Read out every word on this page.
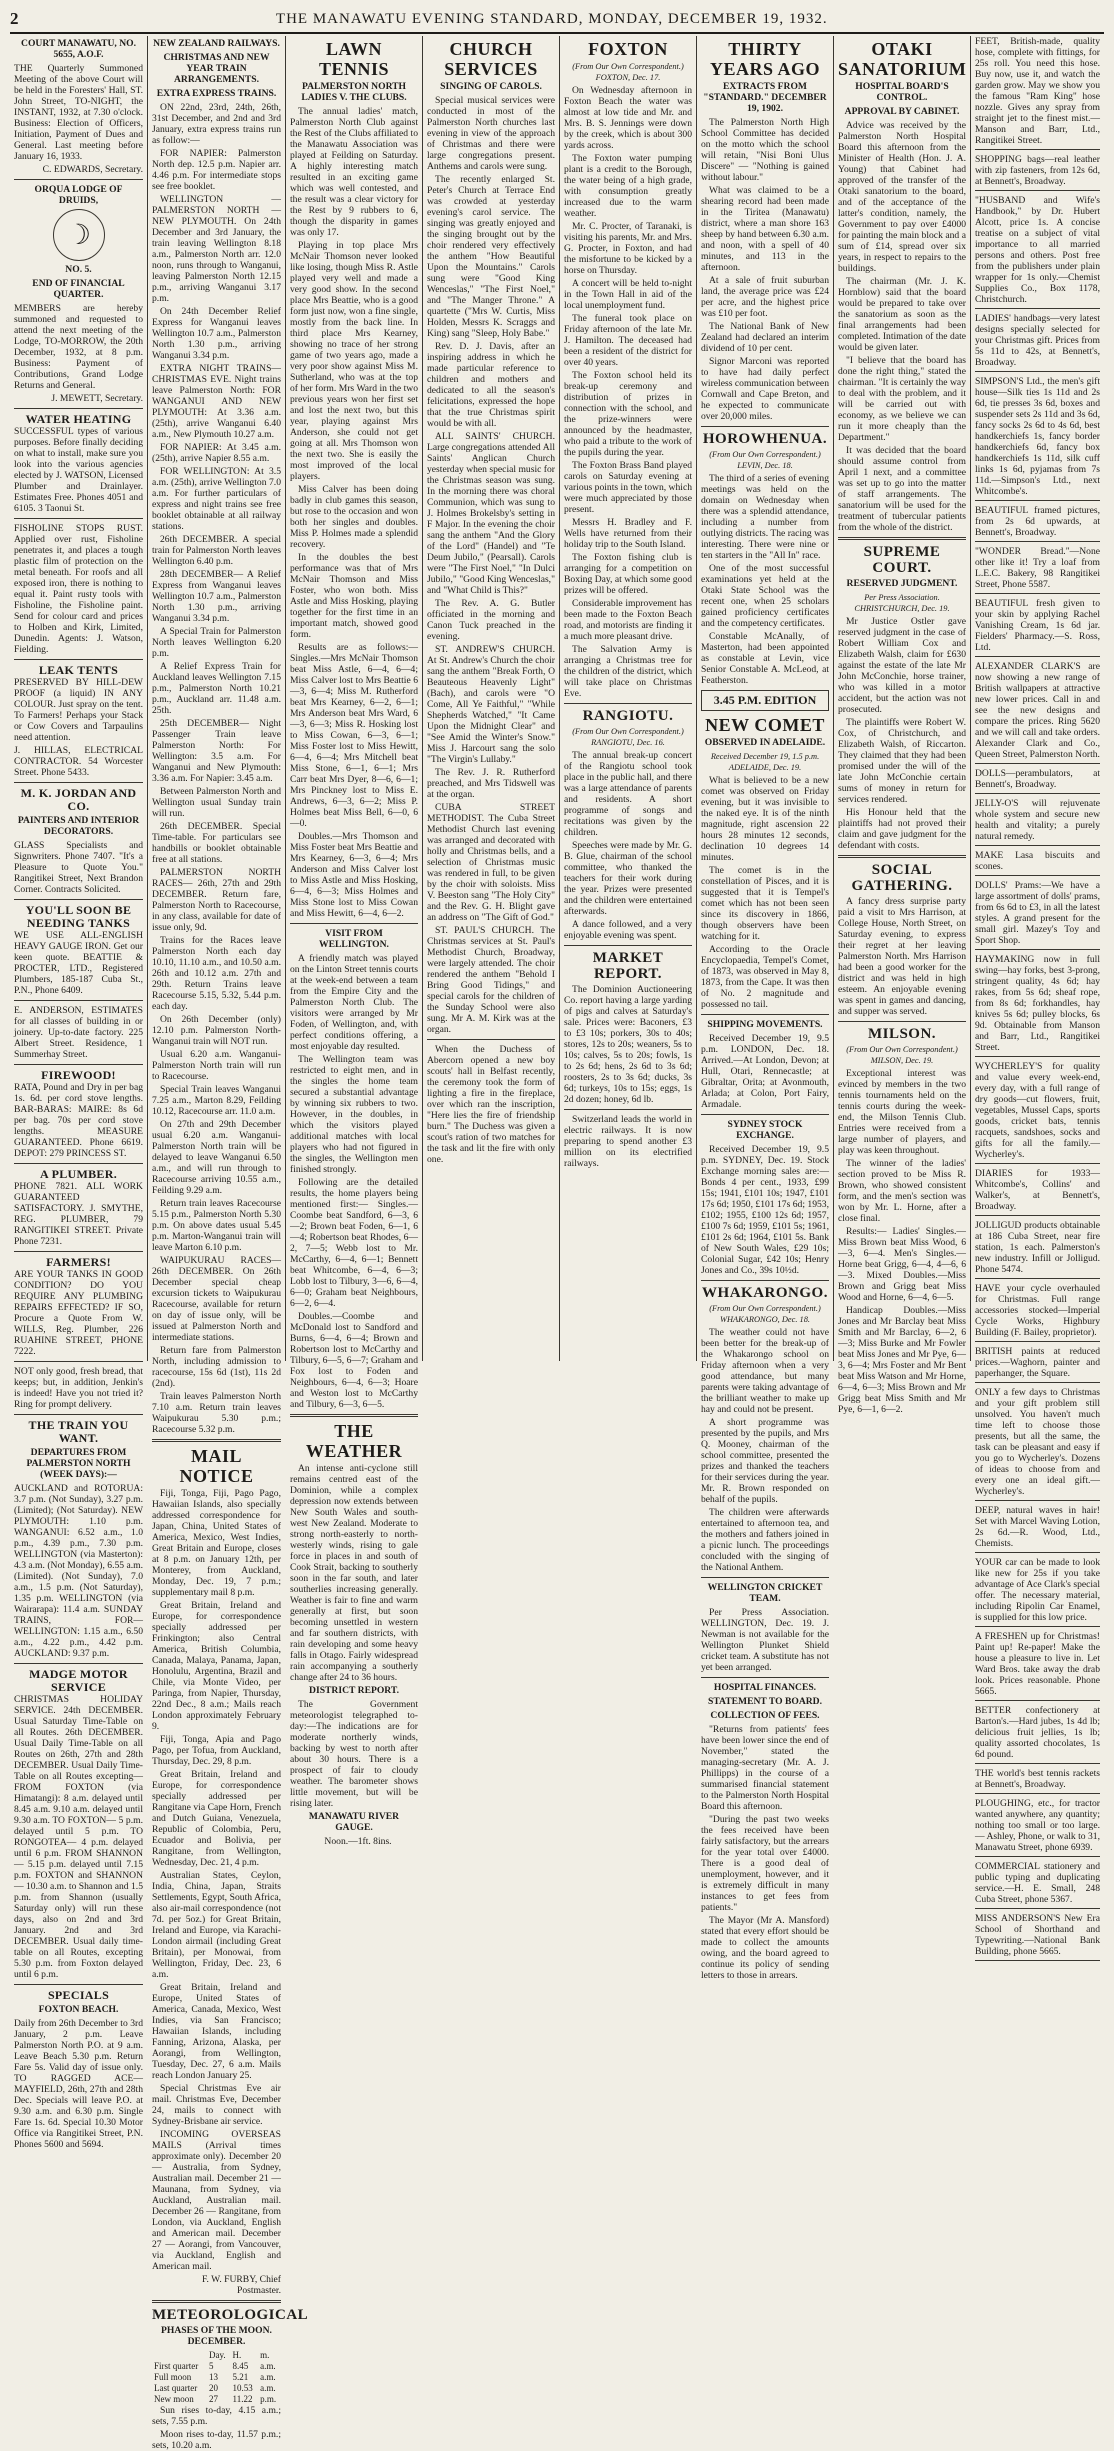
2	THE MANAWATU EVENING STANDARD, MONDAY, DECEMBER 19, 1932.
COURT MANAWATU, NO. 5655, A.O.F.

THE Quarterly Summoned Meeting of the above Court will be held in the Foresters' Hall, ST. John Street, TO-NIGHT, the INSTANT, 1932, at 7.30 o'clock. Business: Election of Officers, Initiation, Payment of Dues and General. Last meeting before January 16, 1933.

C. EDWARDS, Secretary.

ORQUA LODGE OF DRUIDS,
☽
NO. 5.
END OF FINANCIAL QUARTER.

MEMBERS are hereby summoned and requested to attend the next meeting of the Lodge, TO-MORROW, the 20th December, 1932, at 8 p.m. Business: Payment of Contributions, Grand Lodge Returns and General.

J. MEWETT, Secretary.

WATER HEATING

SUCCESSFUL types of various purposes. Before finally deciding on what to install, make sure you look into the various agencies elected by J. WATSON, Licensed Plumber and Drainlayer. Estimates Free. Phones 4051 and 6105. 3 Taonui St.

FISHOLINE STOPS RUST. Applied over rust, Fisholine penetrates it, and places a tough plastic film of protection on the metal beneath. For roofs and all exposed iron, there is nothing to equal it. Paint rusty tools with Fisholine, the Fisholine paint. Send for colour card and prices to Holben and Kirk, Limited, Dunedin. Agents: J. Watson, Fielding.

LEAK TENTS

PRESERVED BY HILL-DEW PROOF (a liquid) IN ANY COLOUR. Just spray on the tent. To Farmers! Perhaps your Stack or Cow Covers and Tarpaulins need attention.

J. HILLAS, ELECTRICAL CONTRACTOR. 54 Worcester Street. Phone 5433.

M. K. JORDAN AND CO.
PAINTERS AND INTERIOR DECORATORS.

GLASS Specialists and Signwriters. Phone 7407. "It's a Pleasure to Quote You." Rangitikei Street, Next Brandon Corner. Contracts Solicited.

YOU'LL SOON BE NEEDING TANKS

WE USE ALL-ENGLISH HEAVY GAUGE IRON. Get our keen quote. BEATTIE & PROCTER, LTD., Registered Plumbers, 185-187 Cuba St., P.N., Phone 6409.

E. ANDERSON, ESTIMATES for all classes of building in or joinery. Up-to-date factory. 225 Albert Street. Residence, 1 Summerhay Street.

FIREWOOD!

RATA, Pound and Dry in per bag 1s. 6d. per cord stove lengths. BAR-BARAS: MAIRE: 8s 6d per bag. 70s per cord stove lengths. MEASURE GUARANTEED. Phone 6619. DEPOT: 279 PRINCESS ST.

A PLUMBER.

PHONE 7821. ALL WORK GUARANTEED SATISFACTORY. J. SMYTHE, REG. PLUMBER, 79 RANGITIKEI STREET. Private Phone 7231.

FARMERS!

ARE YOUR TANKS IN GOOD CONDITION? DO YOU REQUIRE ANY PLUMBING REPAIRS EFFECTED? IF SO, Procure a Quote From W. WILLS, Reg. Plumber, 226 RUAHINE STREET, PHONE 7222.

NOT only good, fresh bread, that keeps; but, in addition, Jenkin's is indeed! Have you not tried it? Ring for prompt delivery.

THE TRAIN YOU WANT.
DEPARTURES FROM PALMERSTON NORTH (WEEK DAYS):—

AUCKLAND and ROTORUA: 3.7 p.m. (Not Sunday), 3.27 p.m. (Limited); (Not Saturday). NEW PLYMOUTH: 1.10 p.m. WANGANUI: 6.52 a.m., 1.0 p.m., 4.39 p.m., 7.30 p.m. WELLINGTON (via Masterton): 4.3 a.m. (Not Monday), 6.55 a.m. (Limited). (Not Sunday), 7.0 a.m., 1.5 p.m. (Not Saturday), 1.35 p.m. WELLINGTON (via Wairarapa): 11.4 a.m. SUNDAY TRAINS, FOR— WELLINGTON: 1.15 a.m., 6.50 a.m., 4.22 p.m., 4.42 p.m. AUCKLAND: 9.37 p.m.

MADGE MOTOR SERVICE

CHRISTMAS HOLIDAY SERVICE. 24th DECEMBER. Usual Saturday Time-Table on all Routes. 26th DECEMBER. Usual Daily Time-Table on all Routes on 26th, 27th and 28th DECEMBER. Usual Daily Time-Table on all Routes excepting— FROM FOXTON (via Himatangi): 8 a.m. delayed until 8.45 a.m. 9.10 a.m. delayed until 9.30 a.m. TO FOXTON— 5 p.m. delayed until 5 p.m. TO RONGOTEA— 4 p.m. delayed until 6 p.m. FROM SHANNON— 5.15 p.m. delayed until 7.15 p.m. FOXTON and SHANNON— 10.30 a.m. to Shannon and 1.5 p.m. from Shannon (usually Saturday only) will run these days, also on 2nd and 3rd January. 2nd and 3rd DECEMBER. Usual daily time-table on all Routes, excepting 5.30 p.m. from Foxton delayed until 6 p.m.

SPECIALS
FOXTON BEACH.

Daily from 26th December to 3rd January, 2 p.m. Leave Palmerston North P.O. at 9 a.m. Leave Beach 5.30 p.m. Return Fare 5s. Valid day of issue only. TO RAGGED ACE—MAYFIELD, 26th, 27th and 28th Dec. Specials will leave P.O. at 9.30 a.m. and 6.30 p.m. Single Fare 1s. 6d. Special 10.30 Motor Office via Rangitikei Street, P.N. Phones 5600 and 5694.

NEW ZEALAND RAILWAYS.
CHRISTMAS AND NEW YEAR TRAIN ARRANGEMENTS.
EXTRA EXPRESS TRAINS.

ON 22nd, 23rd, 24th, 26th, 31st December, and 2nd and 3rd January, extra express trains run as follow:—

FOR NAPIER: Palmerston North dep. 12.5 p.m. Napier arr. 4.46 p.m. For intermediate stops see free booklet.

WELLINGTON — PALMERSTON NORTH — NEW PLYMOUTH. On 24th December and 3rd January, the train leaving Wellington 8.18 a.m., Palmerston North arr. 12.0 noon, runs through to Wanganui, leaving Palmerston North 12.15 p.m., arriving Wanganui 3.17 p.m.

On 24th December Relief Express for Wanganui leaves Wellington 10.7 a.m., Palmerston North 1.30 p.m., arriving Wanganui 3.34 p.m.

EXTRA NIGHT TRAINS— CHRISTMAS EVE. Night trains leave Palmerston North: FOR WANGANUI AND NEW PLYMOUTH: At 3.36 a.m. (25th), arrive Wanganui 6.40 a.m., New Plymouth 10.27 a.m.

FOR NAPIER: At 3.45 a.m. (25th), arrive Napier 8.55 a.m.

FOR WELLINGTON: At 3.5 a.m. (25th), arrive Wellington 7.0 a.m. For further particulars of express and night trains see free booklet obtainable at all railway stations.

26th DECEMBER. A special train for Palmerston North leaves Wellington 6.40 p.m.

28th DECEMBER— A Relief Express from Wanganui leaves Wellington 10.7 a.m., Palmerston North 1.30 p.m., arriving Wanganui 3.34 p.m.

A Special Train for Palmerston North leaves Wellington 6.20 p.m.

A Relief Express Train for Auckland leaves Wellington 7.15 p.m., Palmerston North 10.21 p.m., Auckland arr. 11.48 a.m. 25th.

25th DECEMBER— Night Passenger Train leave Palmerston North: For Wellington: 3.5 a.m. For Wanganui and New Plymouth: 3.36 a.m. For Napier: 3.45 a.m.

Between Palmerston North and Wellington usual Sunday train will run.

26th DECEMBER. Special Time-table. For particulars see handbills or booklet obtainable free at all stations.

PALMERSTON NORTH RACES— 26th, 27th and 29th DECEMBER. Return fare, Palmerston North to Racecourse, in any class, available for date of issue only, 9d.

Trains for the Races leave Palmerston North each day 10.10, 11.10 a.m., and 10.50 a.m. 26th and 10.12 a.m. 27th and 29th. Return Trains leave Racecourse 5.15, 5.32, 5.44 p.m. each day.

On 26th December (only) 12.10 p.m. Palmerston North-Wanganui train will NOT run.

Usual 6.20 a.m. Wanganui-Palmerston North train will run to Racecourse.

Special Train leaves Wanganui 7.25 a.m., Marton 8.29, Feilding 10.12, Racecourse arr. 11.0 a.m.

On 27th and 29th December usual 6.20 a.m. Wanganui-Palmerston North train will be delayed to leave Wanganui 6.50 a.m., and will run through to Racecourse arriving 10.55 a.m., Feilding 9.29 a.m.

Return train leaves Racecourse 5.15 p.m., Palmerston North 5.30 p.m. On above dates usual 5.45 p.m. Marton-Wanganui train will leave Marton 6.10 p.m.

WAIPUKURAU RACES—26th DECEMBER. On 26th December special cheap excursion tickets to Waipukurau Racecourse, available for return on day of issue only, will be issued at Palmerston North and intermediate stations.

Return fare from Palmerston North, including admission to racecourse, 15s 6d (1st), 11s 2d (2nd).

Train leaves Palmerston North 7.10 a.m. Return train leaves Waipukurau 5.30 p.m.; Racecourse 5.32 p.m.

MAIL NOTICE

Fiji, Tonga, Fiji, Pago Pago, Hawaiian Islands, also specially addressed correspondence for Japan, China, United States of America, Mexico, West Indies, Great Britain and Europe, closes at 8 p.m. on January 12th, per Monterey, from Auckland, Monday, Dec. 19, 7 p.m.; supplementary mail 8 p.m.

Great Britain, Ireland and Europe, for correspondence specially addressed per Frinkington; also Central America, British Columbia, Canada, Malaya, Panama, Japan, Honolulu, Argentina, Brazil and Chile, via Monte Video, per Paringa, from Napier, Thursday, 22nd Dec., 8 a.m.; Mails reach London approximately February 9.

Fiji, Tonga, Apia and Pago Pago, per Tofua, from Auckland, Thursday, Dec. 29, 8 p.m.

Great Britain, Ireland and Europe, for correspondence specially addressed per Rangitane via Cape Horn, French and Dutch Guiana, Venezuela, Republic of Colombia, Peru, Ecuador and Bolivia, per Rangitane, from Wellington, Wednesday, Dec. 21, 4 p.m.

Australian States, Ceylon, India, China, Japan, Straits Settlements, Egypt, South Africa, also air-mail correspondence (not 7d. per 5oz.) for Great Britain, Ireland and Europe, via Karachi-London airmail (including Great Britain), per Monowai, from Wellington, Friday, Dec. 23, 6 a.m.

Great Britain, Ireland and Europe, United States of America, Canada, Mexico, West Indies, via San Francisco; Hawaiian Islands, including Fanning, Arizona, Alaska, per Aorangi, from Wellington, Tuesday, Dec. 27, 6 a.m. Mails reach London January 25.

Special Christmas Eve air mail. Christmas Eve, December 24, mails to connect with Sydney-Brisbane air service.

INCOMING OVERSEAS MAILS (Arrival times approximate only). December 20 — Australia, from Sydney, Australian mail. December 21 — Maunana, from Sydney, via Auckland, Australian mail. December 26 — Rangitane, from London, via Auckland, English and American mail. December 27 — Aorangi, from Vancouver, via Auckland, English and American mail.

F. W. FURBY, Chief Postmaster.

METEOROLOGICAL
PHASES OF THE MOON. DECEMBER.
	Day.	H.	m.
First quarter	5	8.45	a.m.
Full moon	13	5.21	a.m.
Last quarter	20	10.53	a.m.
New moon	27	11.22	p.m.

Sun rises to-day, 4.15 a.m.; sets, 7.55 p.m.

Moon rises to-day, 11.57 p.m.; sets, 10.20 a.m.

LAWN TENNIS
PALMERSTON NORTH LADIES V. THE CLUBS.

The annual ladies' match, Palmerston North Club against the Rest of the Clubs affiliated to the Manawatu Association was played at Feilding on Saturday. A highly interesting match resulted in an exciting game which was well contested, and the result was a clear victory for the Rest by 9 rubbers to 6, though the disparity in games was only 17.

Playing in top place Mrs McNair Thomson never looked like losing, though Miss R. Astle played very well and made a very good show. In the second place Mrs Beattie, who is a good form just now, won a fine single, mostly from the back line. In third place Mrs Kearney, showing no trace of her strong game of two years ago, made a very poor show against Miss M. Sutherland, who was at the top of her form. Mrs Ward in the two previous years won her first set and lost the next two, but this year, playing against Mrs Anderson, she could not get going at all. Mrs Thomson won the next two. She is easily the most improved of the local players.

Miss Calver has been doing badly in club games this season, but rose to the occasion and won both her singles and doubles. Miss P. Holmes made a splendid recovery.

In the doubles the best performance was that of Mrs McNair Thomson and Miss Foster, who won both. Miss Astle and Miss Hosking, playing together for the first time in an important match, showed good form.

Results are as follows:— Singles.—Mrs McNair Thomson beat Miss Astle, 6—4, 6—4; Miss Calver lost to Mrs Beattie 6—3, 6—4; Miss M. Rutherford beat Mrs Kearney, 6—2, 6—1; Mrs Anderson beat Mrs Ward, 6—3, 6—3; Miss R. Hosking lost to Miss Cowan, 6—3, 6—1; Miss Foster lost to Miss Hewitt, 6—4, 6—4; Mrs Mitchell beat Miss Stone, 6—1, 6—1; Mrs Carr beat Mrs Dyer, 8—6, 6—1; Mrs Pinckney lost to Miss E. Andrews, 6—3, 6—2; Miss P. Holmes beat Miss Bell, 6—0, 6—0.

Doubles.—Mrs Thomson and Miss Foster beat Mrs Beattie and Mrs Kearney, 6—3, 6—4; Mrs Anderson and Miss Calver lost to Miss Astle and Miss Hosking, 6—4, 6—3; Miss Holmes and Miss Stone lost to Miss Cowan and Miss Hewitt, 6—4, 6—2.

VISIT FROM WELLINGTON.

A friendly match was played on the Linton Street tennis courts at the week-end between a team from the Empire City and the Palmerston North Club. The visitors were arranged by Mr Foden, of Wellington, and, with perfect conditions offering, a most enjoyable day resulted.

The Wellington team was restricted to eight men, and in the singles the home team secured a substantial advantage by winning six rubbers to two. However, in the doubles, in which the visitors played additional matches with local players who had not figured in the singles, the Wellington men finished strongly.

Following are the detailed results, the home players being mentioned first:— Singles.—Coombe beat Sandford, 6—3, 6—2; Brown beat Foden, 6—1, 6—4; Robertson beat Rhodes, 6—2, 7—5; Webb lost to Mr. McCarthy, 6—4, 6—1; Bennett beat Whitcombe, 6—4, 6—3; Lobb lost to Tilbury, 3—6, 6—4, 6—0; Graham beat Neighbours, 6—2, 6—4.

Doubles.—Coombe and McDonald lost to Sandford and Burns, 6—4, 6—4; Brown and Robertson lost to McCarthy and Tilbury, 6—5, 6—7; Graham and Fox lost to Foden and Neighbours, 6—4, 6—3; Hoare and Weston lost to McCarthy and Tilbury, 6—3, 6—5.

THE WEATHER

An intense anti-cyclone still remains centred east of the Dominion, while a complex depression now extends between New South Wales and south-west New Zealand. Moderate to strong north-easterly to north-westerly winds, rising to gale force in places in and south of Cook Strait, backing to southerly soon in the far south, and later southerlies increasing generally. Weather is fair to fine and warm generally at first, but soon becoming unsettled in western and far southern districts, with rain developing and some heavy falls in Otago. Fairly widespread rain accompanying a southerly change after 24 to 36 hours.

DISTRICT REPORT.

The Government meteorologist telegraphed to-day:—The indications are for moderate northerly winds, backing by west to north after about 30 hours. There is a prospect of fair to cloudy weather. The barometer shows little movement, but will be rising later.

MANAWATU RIVER GAUGE.

Noon.—1ft. 8ins.

CHURCH SERVICES
SINGING OF CAROLS.

Special musical services were conducted in most of the Palmerston North churches last evening in view of the approach of Christmas and there were large congregations present. Anthems and carols were sung.

The recently enlarged St. Peter's Church at Terrace End was crowded at yesterday evening's carol service. The singing was greatly enjoyed and the singing brought out by the choir rendered very effectively the anthem "How Beautiful Upon the Mountains." Carols sung were "Good King Wenceslas," "The First Noel," and "The Manger Throne." A quartette ("Mrs W. Curtis, Miss Holden, Messrs K. Scraggs and King) sang "Sleep, Holy Babe."

Rev. D. J. Davis, after an inspiring address in which he made particular reference to children and mothers and dedicated to all the season's felicitations, expressed the hope that the true Christmas spirit would be with all.

ALL SAINTS' CHURCH. Large congregations attended All Saints' Anglican Church yesterday when special music for the Christmas season was sung. In the morning there was choral Communion, which was sung to J. Holmes Brokelsby's setting in F Major. In the evening the choir sang the anthem "And the Glory of the Lord" (Handel) and "Te Deum Jubilo," (Pearsall). Carols were "The First Noel," "In Dulci Jubilo," "Good King Wenceslas," and "What Child is This?"

The Rev. A. G. Butler officiated in the morning and Canon Tuck preached in the evening.

ST. ANDREW'S CHURCH. At St. Andrew's Church the choir sang the anthem "Break Forth, O Beauteous Heavenly Light" (Bach), and carols were "O Come, All Ye Faithful," "While Shepherds Watched," "It Came Upon the Midnight Clear" and "See Amid the Winter's Snow." Miss J. Harcourt sang the solo "The Virgin's Lullaby."

The Rev. J. R. Rutherford preached, and Mrs Tidswell was at the organ.

CUBA STREET METHODIST. The Cuba Street Methodist Church last evening was arranged and decorated with holly and Christmas bells, and a selection of Christmas music was rendered in full, to be given by the choir with soloists. Miss V. Beeston sang "The Holy City" and the Rev. G. H. Blight gave an address on "The Gift of God."

ST. PAUL'S CHURCH. The Christmas services at St. Paul's Methodist Church, Broadway, were largely attended. The choir rendered the anthem "Behold I Bring Good Tidings," and special carols for the children of the Sunday School were also sung. Mr A. M. Kirk was at the organ.

When the Duchess of Abercorn opened a new boy scouts' hall in Belfast recently, the ceremony took the form of lighting a fire in the fireplace, over which ran the inscription, "Here lies the fire of friendship burn." The Duchess was given a scout's ration of two matches for the task and lit the fire with only one.

FOXTON
(From Our Own Correspondent.) FOXTON, Dec. 17.

On Wednesday afternoon in Foxton Beach the water was almost at low tide and Mr. and Mrs. B. S. Jennings were down by the creek, which is about 300 yards across.

The Foxton water pumping plant is a credit to the Borough, the water being of a high grade, with consumption greatly increased due to the warm weather.

Mr. C. Procter, of Taranaki, is visiting his parents, Mr. and Mrs. G. Procter, in Foxton, and had the misfortune to be kicked by a horse on Thursday.

A concert will be held to-night in the Town Hall in aid of the local unemployment fund.

The funeral took place on Friday afternoon of the late Mr. J. Hamilton. The deceased had been a resident of the district for over 40 years.

The Foxton school held its break-up ceremony and distribution of prizes in connection with the school, and the prize-winners were announced by the headmaster, who paid a tribute to the work of the pupils during the year.

The Foxton Brass Band played carols on Saturday evening at various points in the town, which were much appreciated by those present.

Messrs H. Bradley and F. Wells have returned from their holiday trip to the South Island.

The Foxton fishing club is arranging for a competition on Boxing Day, at which some good prizes will be offered.

Considerable improvement has been made to the Foxton Beach road, and motorists are finding it a much more pleasant drive.

The Salvation Army is arranging a Christmas tree for the children of the district, which will take place on Christmas Eve.

RANGIOTU.
(From Our Own Correspondent.) RANGIOTU, Dec. 16.

The annual break-up concert of the Rangiotu school took place in the public hall, and there was a large attendance of parents and residents. A short programme of songs and recitations was given by the children.

Speeches were made by Mr. G. B. Glue, chairman of the school committee, who thanked the teachers for their work during the year. Prizes were presented and the children were entertained afterwards.

A dance followed, and a very enjoyable evening was spent.

MARKET REPORT.

The Dominion Auctioneering Co. report having a large yarding of pigs and calves at Saturday's sale. Prices were: Baconers, £3 to £3 10s; porkers, 30s to 40s; stores, 12s to 20s; weaners, 5s to 10s; calves, 5s to 20s; fowls, 1s to 2s 6d; hens, 2s 6d to 3s 6d; roosters, 2s to 3s 6d; ducks, 3s 6d; turkeys, 10s to 15s; eggs, 1s 2d dozen; honey, 6d lb.

Switzerland leads the world in electric railways. It is now preparing to spend another £3 million on its electrified railways.

THIRTY YEARS AGO
EXTRACTS FROM "STANDARD." DECEMBER 19, 1902.

The Palmerston North High School Committee has decided on the motto which the school will retain, "Nisi Boni Ulus Discere" — "Nothing is gained without labour."

What was claimed to be a shearing record had been made in the Tiritea (Manawatu) district, where a man shore 163 sheep by hand between 6.30 a.m. and noon, with a spell of 40 minutes, and 113 in the afternoon.

At a sale of fruit suburban land, the average price was £24 per acre, and the highest price was £10 per foot.

The National Bank of New Zealand had declared an interim dividend of 10 per cent.

Signor Marconi was reported to have had daily perfect wireless communication between Cornwall and Cape Breton, and he expected to communicate over 20,000 miles.

HOROWHENUA.
(From Our Own Correspondent.) LEVIN, Dec. 18.

The third of a series of evening meetings was held on the domain on Wednesday when there was a splendid attendance, including a number from outlying districts. The racing was interesting. There were nine or ten starters in the "All In" race.

One of the most successful examinations yet held at the Otaki State School was the recent one, when 25 scholars gained proficiency certificates and the competency certificates.

Constable McAnally, of Masterton, had been appointed as constable at Levin, vice Senior Constable A. McLeod, at Featherston.

3.45 P.M. EDITION
NEW COMET
OBSERVED IN ADELAIDE.
Received December 19, 1.5 p.m. ADELAIDE, Dec. 19.

What is believed to be a new comet was observed on Friday evening, but it was invisible to the naked eye. It is of the ninth magnitude, right ascension 22 hours 28 minutes 12 seconds, declination 10 degrees 14 minutes.

The comet is in the constellation of Pisces, and it is suggested that it is Tempel's comet which has not been seen since its discovery in 1866, though observers have been watching for it.

According to the Oracle Encyclopaedia, Tempel's Comet, of 1873, was observed in May 8, 1873, from the Cape. It was then of No. 2 magnitude and possessed no tail.

SHIPPING MOVEMENTS.

Received December 19, 9.5 p.m. LONDON, Dec. 18. Arrived.—At London, Devon; at Hull, Otari, Rennecastle; at Gibraltar, Orita; at Avonmouth, Arlada; at Colon, Port Fairy, Armadale.

SYDNEY STOCK EXCHANGE.

Received December 19, 9.5 p.m. SYDNEY, Dec. 19. Stock Exchange morning sales are:— Bonds 4 per cent., 1933, £99 15s; 1941, £101 10s; 1947, £101 17s 6d; 1950, £101 17s 6d; 1953, £102; 1955, £100 12s 6d; 1957, £100 7s 6d; 1959, £101 5s; 1961, £101 2s 6d; 1964, £101 5s. Bank of New South Wales, £29 10s; Colonial Sugar, £42 10s; Henry Jones and Co., 39s 10½d.

WHAKARONGO.
(From Our Own Correspondent.) WHAKARONGO, Dec. 18.

The weather could not have been better for the break-up of the Whakarongo school on Friday afternoon when a very good attendance, but many parents were taking advantage of the brilliant weather to make up hay and could not be present.

A short programme was presented by the pupils, and Mrs Q. Mooney, chairman of the school committee, presented the prizes and thanked the teachers for their services during the year. Mr. R. Brown responded on behalf of the pupils.

The children were afterwards entertained to afternoon tea, and the mothers and fathers joined in a picnic lunch. The proceedings concluded with the singing of the National Anthem.

WELLINGTON CRICKET TEAM.

Per Press Association. WELLINGTON, Dec. 19. J. Newman is not available for the Wellington Plunket Shield cricket team. A substitute has not yet been arranged.

HOSPITAL FINANCES.
STATEMENT TO BOARD.
COLLECTION OF FEES.

"Returns from patients' fees have been lower since the end of November," stated the managing-secretary (Mr. A. J. Phillipps) in the course of a summarised financial statement to the Palmerston North Hospital Board this afternoon.

"During the past two weeks the fees received have been fairly satisfactory, but the arrears for the year total over £4000. There is a good deal of unemployment, however, and it is extremely difficult in many instances to get fees from patients."

The Mayor (Mr A. Mansford) stated that every effort should be made to collect the amounts owing, and the board agreed to continue its policy of sending letters to those in arrears.

OTAKI SANATORIUM
HOSPITAL BOARD'S CONTROL.
APPROVAL BY CABINET.

Advice was received by the Palmerston North Hospital Board this afternoon from the Minister of Health (Hon. J. A. Young) that Cabinet had approved of the transfer of the Otaki sanatorium to the board, and of the acceptance of the latter's condition, namely, the Government to pay over £4000 for painting the main block and a sum of £14, spread over six years, in respect to repairs to the buildings.

The chairman (Mr. J. K. Hornblow) said that the board would be prepared to take over the sanatorium as soon as the final arrangements had been completed. Intimation of the date would be given later.

"I believe that the board has done the right thing," stated the chairman. "It is certainly the way to deal with the problem, and it will be carried out with economy, as we believe we can run it more cheaply than the Department."

It was decided that the board should assume control from April 1 next, and a committee was set up to go into the matter of staff arrangements. The sanatorium will be used for the treatment of tubercular patients from the whole of the district.

SUPREME COURT.
RESERVED JUDGMENT.
Per Press Association. CHRISTCHURCH, Dec. 19.

Mr Justice Ostler gave reserved judgment in the case of Robert William Cox and Elizabeth Walsh, claim for £630 against the estate of the late Mr John McConchie, horse trainer, who was killed in a motor accident, but the action was not prosecuted.

The plaintiffs were Robert W. Cox, of Christchurch, and Elizabeth Walsh, of Riccarton. They claimed that they had been promised under the will of the late John McConchie certain sums of money in return for services rendered.

His Honour held that the plaintiffs had not proved their claim and gave judgment for the defendant with costs.

SOCIAL GATHERING.

A fancy dress surprise party paid a visit to Mrs Harrison, at College House, North Street, on Saturday evening, to express their regret at her leaving Palmerston North. Mrs Harrison had been a good worker for the district and was held in high esteem. An enjoyable evening was spent in games and dancing, and supper was served.

MILSON.
(From Our Own Correspondent.) MILSON, Dec. 19.

Exceptional interest was evinced by members in the two tennis tournaments held on the tennis courts during the week-end, the Milson Tennis Club. Entries were received from a large number of players, and play was keen throughout.

The winner of the ladies' section proved to be Miss R. Brown, who showed consistent form, and the men's section was won by Mr. L. Horne, after a close final.

Results:— Ladies' Singles.—Miss Brown beat Miss Wood, 6—3, 6—4. Men's Singles.—Horne beat Grigg, 6—4, 4—6, 6—3. Mixed Doubles.—Miss Brown and Grigg beat Miss Wood and Horne, 6—4, 6—5.

Handicap Doubles.—Miss Jones and Mr Barclay beat Miss Smith and Mr Barclay, 6—2, 6—3; Miss Burke and Mr Fowler beat Miss Jones and Mr Pye, 6—3, 6—4; Mrs Foster and Mr Bent beat Miss Watson and Mr Horne, 6—4, 6—3; Miss Brown and Mr Grigg beat Miss Smith and Mr Pye, 6—1, 6—2.

FEET, British-made, quality hose, complete with fittings, for 25s roll. You need this hose. Buy now, use it, and watch the garden grow. May we show you the famous "Ram King" hose nozzle. Gives any spray from straight jet to the finest mist.—Manson and Barr, Ltd., Rangitikei Street.

SHOPPING bags—real leather with zip fasteners, from 12s 6d, at Bennett's, Broadway.

"HUSBAND and Wife's Handbook," by Dr. Hubert Alcott, price 1s. A concise treatise on a subject of vital importance to all married persons and others. Post free from the publishers under plain wrapper for 1s only.—Chemist Supplies Co., Box 1178, Christchurch.

LADIES' handbags—very latest designs specially selected for your Christmas gift. Prices from 5s 11d to 42s, at Bennett's, Broadway.

SIMPSON'S Ltd., the men's gift house—Silk ties 1s 11d and 2s 6d, tie presses 3s 6d, boxes and suspender sets 2s 11d and 3s 6d, fancy socks 2s 6d to 4s 6d, best handkerchiefs 1s, fancy border handkerchiefs 6d, fancy box handkerchiefs 1s 11d, silk cuff links 1s 6d, pyjamas from 7s 11d.—Simpson's Ltd., next Whitcombe's.

BEAUTIFUL framed pictures, from 2s 6d upwards, at Bennett's, Broadway.

"WONDER Bread."—None other like it! Try a loaf from L.E.C. Bakery, 98 Rangitikei Street, Phone 5587.

BEAUTIFUL fresh given to your skin by applying Rachel Vanishing Cream, 1s 6d jar. Fielders' Pharmacy.—S. Ross, Ltd.

ALEXANDER CLARK'S are now showing a new range of British wallpapers at attractive new lower prices. Call in and see the new designs and compare the prices. Ring 5620 and we will call and take orders. Alexander Clark and Co., Queen Street, Palmerston North.

DOLLS—perambulators, at Bennett's, Broadway.

JELLY-O'S will rejuvenate whole system and secure new health and vitality; a purely natural remedy.

MAKE Lasa biscuits and scones.

DOLLS' Prams:—We have a large assortment of dolls' prams, from 6s 6d to £3, in all the latest styles. A grand present for the small girl. Mazey's Toy and Sport Shop.

HAYMAKING now in full swing—hay forks, best 3-prong, stringent quality, 4s 6d; hay rakes, from 5s 6d; sheaf rope, from 8s 6d; forkhandles, hay knives 5s 6d; pulley blocks, 6s 9d. Obtainable from Manson and Barr, Ltd., Rangitikei Street.

WYCHERLEY'S for quality and value every week-end, every day, with a full range of dry goods—cut flowers, fruit, vegetables, Mussel Caps, sports goods, cricket bats, tennis racquets, sandshoes, socks and gifts for all the family.—Wycherley's.

DIARIES for 1933—Whitcombe's, Collins' and Walker's, at Bennett's, Broadway.

JOLLIGUD products obtainable at 186 Cuba Street, near fire station, 1s each. Palmerston's new industry. Infill or Jolligud. Phone 5474.

HAVE your cycle overhauled for Christmas. Full range accessories stocked—Imperial Cycle Works, Highbury Building (F. Bailey, proprietor).

BRITISH paints at reduced prices.—Waghorn, painter and paperhanger, the Square.

ONLY a few days to Christmas and your gift problem still unsolved. You haven't much time left to choose those presents, but all the same, the task can be pleasant and easy if you go to Wycherley's. Dozens of ideas to choose from and every one an ideal gift.—Wycherley's.

DEEP, natural waves in hair! Set with Marcel Waving Lotion, 2s 6d.—R. Wood, Ltd., Chemists.

YOUR car can be made to look like new for 25s if you take advantage of Ace Clark's special offer. The necessary material, including Ripolin Car Enamel, is supplied for this low price.

A FRESHEN up for Christmas! Paint up! Re-paper! Make the house a pleasure to live in. Let Ward Bros. take away the drab look. Prices reasonable. Phone 5665.

BETTER confectionery at Barton's.—Hard jubes, 1s 4d lb; delicious fruit jellies, 1s lb; quality assorted chocolates, 1s 6d pound.

THE world's best tennis rackets at Bennett's, Broadway.

PLOUGHING, etc., for tractor wanted anywhere, any quantity; nothing too small or too large. — Ashley, Phone, or walk to 31, Manawatu Street, phone 6939.

COMMERCIAL stationery and public typing and duplicating service.—H. E. Small, 248 Cuba Street, phone 5367.

MISS ANDERSON'S New Era School of Shorthand and Typewriting.—National Bank Building, phone 5665.
